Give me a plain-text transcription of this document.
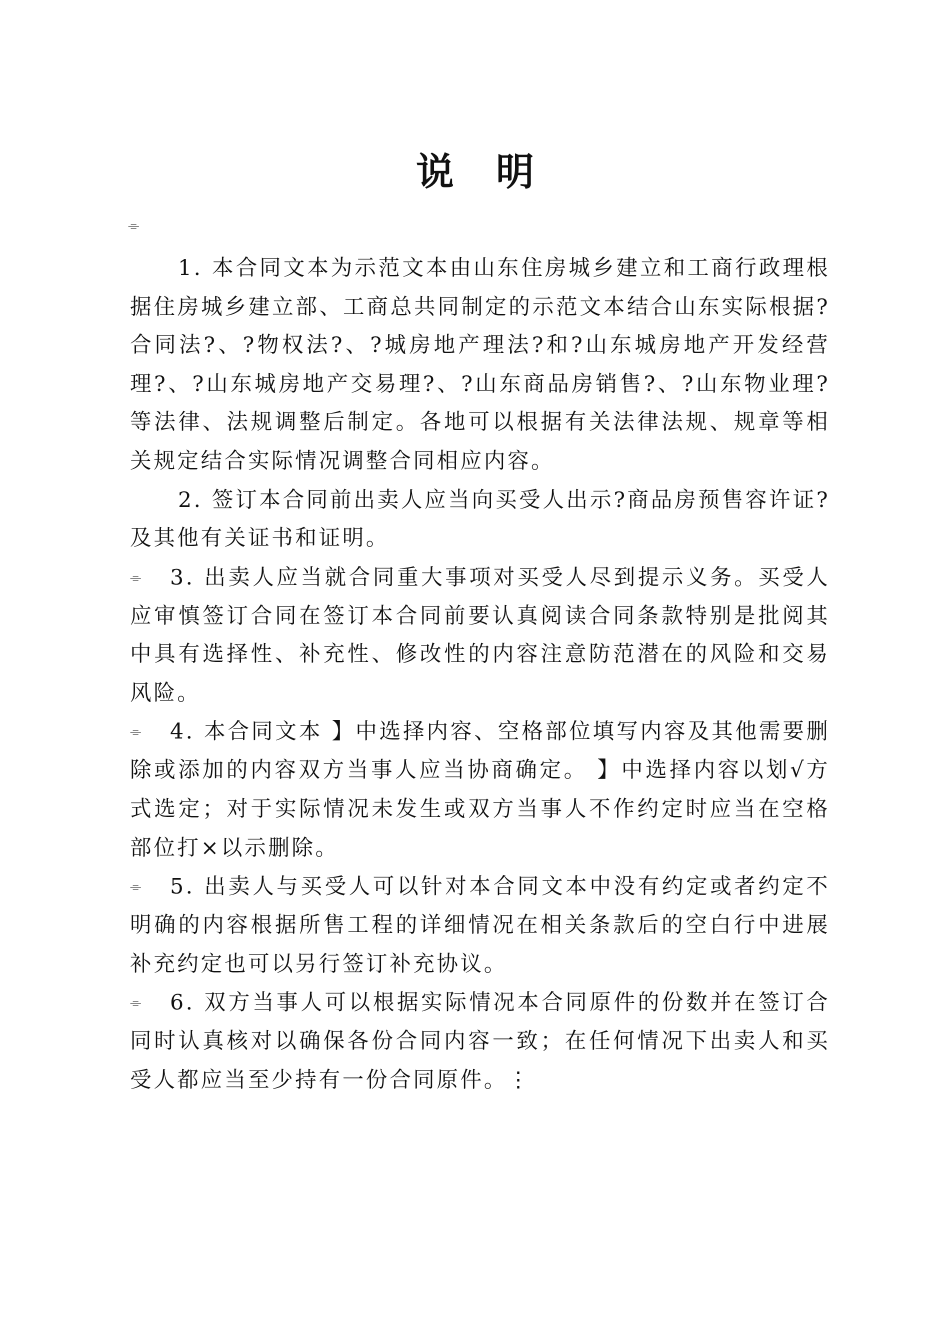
说明
⌯

1. 本合同文本为示范文本由山东住房城乡建立和工商行政理根据住房城乡建立部、工商总共同制定的示范文本结合山东实际根据?合同法?、?物权法?、?城房地产理法?和?山东城房地产开发经营理?、?山东城房地产交易理?、?山东商品房销售?、?山东物业理?等法律、法规调整后制定。各地可以根据有关法律法规、规章等相关规定结合实际情况调整合同相应内容。

2. 签订本合同前出卖人应当向买受人出示?商品房预售容许证?及其他有关证书和证明。

⌯ 3. 出卖人应当就合同重大事项对买受人尽到提示义务。买受人应审慎签订合同在签订本合同前要认真阅读合同条款特别是批阅其中具有选择性、补充性、修改性的内容注意防范潜在的风险和交易风险。

⌯ 4. 本合同文本 】中选择内容、空格部位填写内容及其他需要删除或添加的内容双方当事人应当协商确定。 】中选择内容以划√方式选定；对于实际情况未发生或双方当事人不作约定时应当在空格部位打×以示删除。

⌯ 5. 出卖人与买受人可以针对本合同文本中没有约定或者约定不明确的内容根据所售工程的详细情况在相关条款后的空白行中进展补充约定也可以另行签订补充协议。

⌯ 6. 双方当事人可以根据实际情况本合同原件的份数并在签订合同时认真核对以确保各份合同内容一致；在任何情况下出卖人和买受人都应当至少持有一份合同原件。⋮
